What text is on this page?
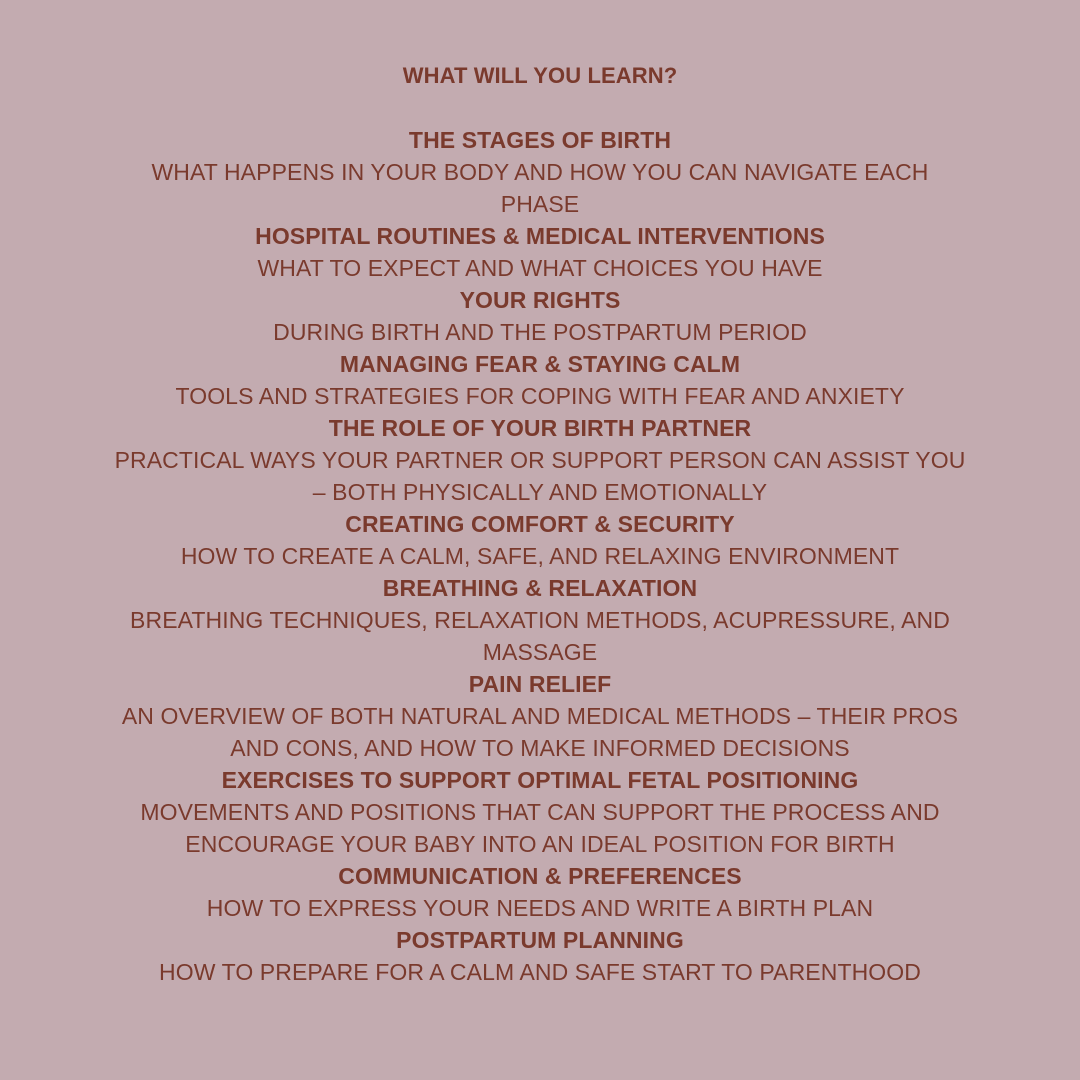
WHAT WILL YOU LEARN?
THE STAGES OF BIRTH
WHAT HAPPENS IN YOUR BODY AND HOW YOU CAN NAVIGATE EACH PHASE
HOSPITAL ROUTINES & MEDICAL INTERVENTIONS
WHAT TO EXPECT AND WHAT CHOICES YOU HAVE
YOUR RIGHTS
DURING BIRTH AND THE POSTPARTUM PERIOD
MANAGING FEAR & STAYING CALM
TOOLS AND STRATEGIES FOR COPING WITH FEAR AND ANXIETY
THE ROLE OF YOUR BIRTH PARTNER
PRACTICAL WAYS YOUR PARTNER OR SUPPORT PERSON CAN ASSIST YOU – BOTH PHYSICALLY AND EMOTIONALLY
CREATING COMFORT & SECURITY
HOW TO CREATE A CALM, SAFE, AND RELAXING ENVIRONMENT
BREATHING & RELAXATION
BREATHING TECHNIQUES, RELAXATION METHODS, ACUPRESSURE, AND MASSAGE
PAIN RELIEF
AN OVERVIEW OF BOTH NATURAL AND MEDICAL METHODS – THEIR PROS AND CONS, AND HOW TO MAKE INFORMED DECISIONS
EXERCISES TO SUPPORT OPTIMAL FETAL POSITIONING
MOVEMENTS AND POSITIONS THAT CAN SUPPORT THE PROCESS AND ENCOURAGE YOUR BABY INTO AN IDEAL POSITION FOR BIRTH
COMMUNICATION & PREFERENCES
HOW TO EXPRESS YOUR NEEDS AND WRITE A BIRTH PLAN
POSTPARTUM PLANNING
HOW TO PREPARE FOR A CALM AND SAFE START TO PARENTHOOD
